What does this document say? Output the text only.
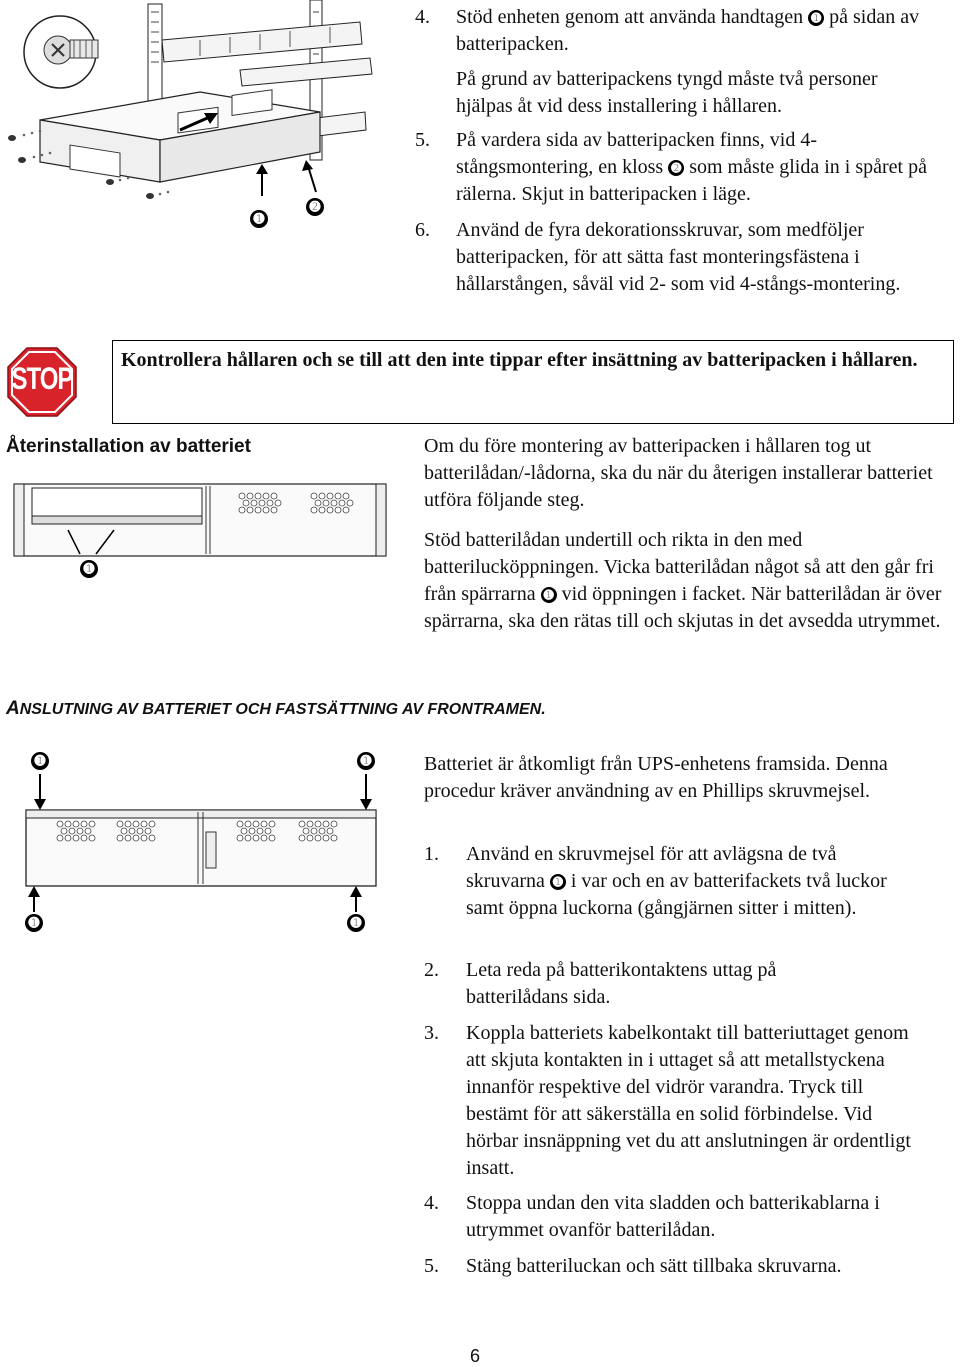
➊
➋
4. Stöd enheten genom att använda handtagen ➊ på sidan av batteripacken.
På grund av batteripackens tyngd måste två personer hjälpas åt vid dess installering i hållaren.
5. På vardera sida av batteripacken finns, vid 4-stångsmontering, en kloss ➋ som måste glida in i spåret på rälerna. Skjut in batteripacken i läge.
6. Använd de fyra dekorationsskruvar, som medföljer batteripacken, för att sätta fast monteringsfästena i hållarstången, såväl vid 2- som vid 4-stångs-montering.
STOP
Kontrollera hållaren och se till att den inte tippar efter insättning av batteripacken i hållaren.
Återinstallation av batteriet
➊
Om du före montering av batteripacken i hållaren tog ut batterilådan/-lådorna, ska du när du återigen installerar batteriet utföra följande steg.
Stöd batterilådan undertill och rikta in den med batterilucköppningen. Vicka batterilådan något så att den går fri från spärrarna ➊ vid öppningen i facket. När batterilådan är över spärrarna, ska den rätas till och skjutas in det avsedda utrymmet.
ANSLUTNING AV BATTERIET OCH FASTSÄTTNING AV FRONTRAMEN.
➊	➊
➊	➊
Batteriet är åtkomligt från UPS-enhetens framsida. Denna procedur kräver användning av en Phillips skruvmejsel.
1. Använd en skruvmejsel för att avlägsna de två skruvarna ➊ i var och en av batterifackets två luckor samt öppna luckorna (gångjärnen sitter i mitten).
2. Leta reda på batterikontaktens uttag på batterilådans sida.
3. Koppla batteriets kabelkontakt till batteriuttaget genom att skjuta kontakten in i uttaget så att metallstyckena innanför respektive del vidrör varandra. Tryck till bestämt för att säkerställa en solid förbindelse. Vid hörbar insnäppning vet du att anslutningen är ordentligt insatt.
4. Stoppa undan den vita sladden och batterikablarna i utrymmet ovanför batterilådan.
5. Stäng batteriluckan och sätt tillbaka skruvarna.
6
